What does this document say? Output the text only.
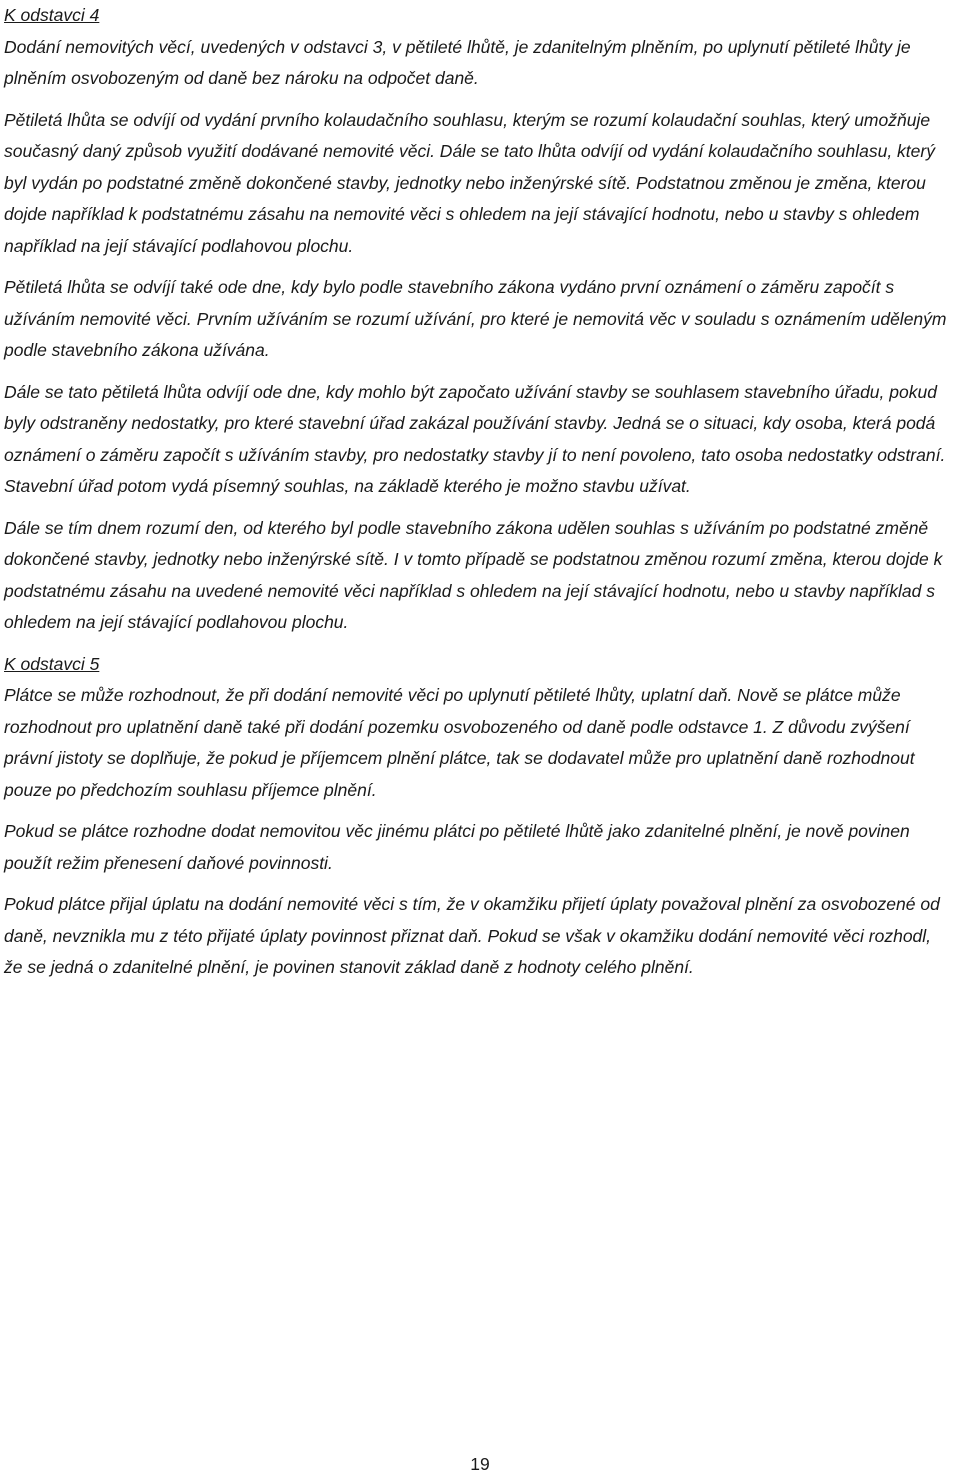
K odstavci 4

Dodání nemovitých věcí, uvedených v odstavci 3, v pětileté lhůtě, je zdanitelným plněním, po uplynutí pětileté lhůty je plněním osvobozeným od daně bez nároku na odpočet daně.

Pětiletá lhůta se odvíjí od vydání prvního kolaudačního souhlasu, kterým se rozumí kolaudační souhlas, který umožňuje současný daný způsob využití dodávané nemovité věci. Dále se tato lhůta odvíjí od vydání kolaudačního souhlasu, který byl vydán po podstatné změně dokončené stavby, jednotky nebo inženýrské sítě. Podstatnou změnou je změna, kterou dojde například k podstatnému zásahu na nemovité věci s ohledem na její stávající hodnotu, nebo u stavby s ohledem například na její stávající podlahovou plochu.

Pětiletá lhůta se odvíjí také ode dne, kdy bylo podle stavebního zákona vydáno první oznámení o záměru započít s užíváním nemovité věci. Prvním užíváním se rozumí užívání, pro které je nemovitá věc v souladu s oznámením uděleným podle stavebního zákona užívána.

Dále se tato pětiletá lhůta odvíjí ode dne, kdy mohlo být započato užívání stavby se souhlasem stavebního úřadu, pokud byly odstraněny nedostatky, pro které stavební úřad zakázal používání stavby. Jedná se o situaci, kdy osoba, která podá oznámení o záměru započít s užíváním stavby, pro nedostatky stavby jí to není povoleno, tato osoba nedostatky odstraní. Stavební úřad potom vydá písemný souhlas, na základě kterého je možno stavbu užívat.

Dále se tím dnem rozumí den, od kterého byl podle stavebního zákona udělen souhlas s užíváním po podstatné změně dokončené stavby, jednotky nebo inženýrské sítě. I v tomto případě se podstatnou změnou rozumí změna, kterou dojde k podstatnému zásahu na uvedené nemovité věci například s ohledem na její stávající hodnotu, nebo u stavby například s ohledem na její stávající podlahovou plochu.

K odstavci 5

Plátce se může rozhodnout, že při dodání nemovité věci po uplynutí pětileté lhůty, uplatní daň. Nově se plátce může rozhodnout pro uplatnění daně také při dodání pozemku osvobozeného od daně podle odstavce 1. Z důvodu zvýšení právní jistoty se doplňuje, že pokud je příjemcem plnění plátce, tak se dodavatel může pro uplatnění daně rozhodnout pouze po předchozím souhlasu příjemce plnění.

Pokud se plátce rozhodne dodat nemovitou věc jinému plátci po pětileté lhůtě jako zdanitelné plnění, je nově povinen použít režim přenesení daňové povinnosti.

Pokud plátce přijal úplatu na dodání nemovité věci s tím, že v okamžiku přijetí úplaty považoval plnění za osvobozené od daně, nevznikla mu z této přijaté úplaty povinnost přiznat daň. Pokud se však v okamžiku dodání nemovité věci rozhodl, že se jedná o zdanitelné plnění, je povinen stanovit základ daně z hodnoty celého plnění.

19
